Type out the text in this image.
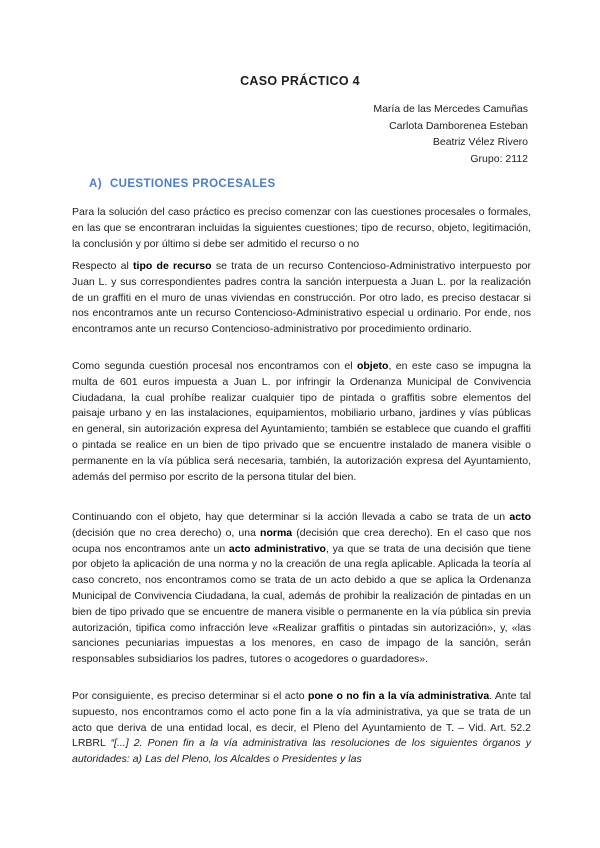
CASO PRÁCTICO 4
María de las Mercedes Camuñas
Carlota Damborenea Esteban
Beatriz Vélez Rivero
Grupo: 2112
A) CUESTIONES PROCESALES

Para la solución del caso práctico es preciso comenzar con las cuestiones procesales o formales, en las que se encontraran incluidas la siguientes cuestiones; tipo de recurso, objeto, legitimación, la conclusión y por último si debe ser admitido el recurso o no

Respecto al tipo de recurso se trata de un recurso Contencioso-Administrativo interpuesto por Juan L. y sus correspondientes padres contra la sanción interpuesta a Juan L. por la realización de un graffiti en el muro de unas viviendas en construcción. Por otro lado, es preciso destacar si nos encontramos ante un recurso Contencioso-Administrativo especial u ordinario. Por ende, nos encontramos ante un recurso Contencioso-administrativo por procedimiento ordinario.

Como segunda cuestión procesal nos encontramos con el objeto, en este caso se impugna la multa de 601 euros impuesta a Juan L. por infringir la Ordenanza Municipal de Convivencia Ciudadana, la cual prohíbe realizar cualquier tipo de pintada o graffitis sobre elementos del paisaje urbano y en las instalaciones, equipamientos, mobiliario urbano, jardines y vías públicas en general, sin autorización expresa del Ayuntamiento; también se establece que cuando el graffiti o pintada se realice en un bien de tipo privado que se encuentre instalado de manera visible o permanente en la vía pública será necesaria, también, la autorización expresa del Ayuntamiento, además del permiso por escrito de la persona titular del bien.

Continuando con el objeto, hay que determinar si la acción llevada a cabo se trata de un acto (decisión que no crea derecho) o, una norma (decisión que crea derecho). En el caso que nos ocupa nos encontramos ante un acto administrativo, ya que se trata de una decisión que tiene por objeto la aplicación de una norma y no la creación de una regla aplicable. Aplicada la teoría al caso concreto, nos encontramos como se trata de un acto debido a que se aplica la Ordenanza Municipal de Convivencia Ciudadana, la cual, además de prohibir la realización de pintadas en un bien de tipo privado que se encuentre de manera visible o permanente en la vía pública sin previa autorización, tipifica como infracción leve «Realizar graffitis o pintadas sin autorización», y, «las sanciones pecuniarias impuestas a los menores, en caso de impago de la sanción, serán responsables subsidiarios los padres, tutores o acogedores o guardadores».

Por consiguiente, es preciso determinar si el acto pone o no fin a la vía administrativa. Ante tal supuesto, nos encontramos como el acto pone fin a la vía administrativa, ya que se trata de un acto que deriva de una entidad local, es decir, el Pleno del Ayuntamiento de T. – Vid. Art. 52.2 LRBRL “[...] 2. Ponen fin a la vía administrativa las resoluciones de los siguientes órganos y autoridades: a) Las del Pleno, los Alcaldes o Presidentes y las
